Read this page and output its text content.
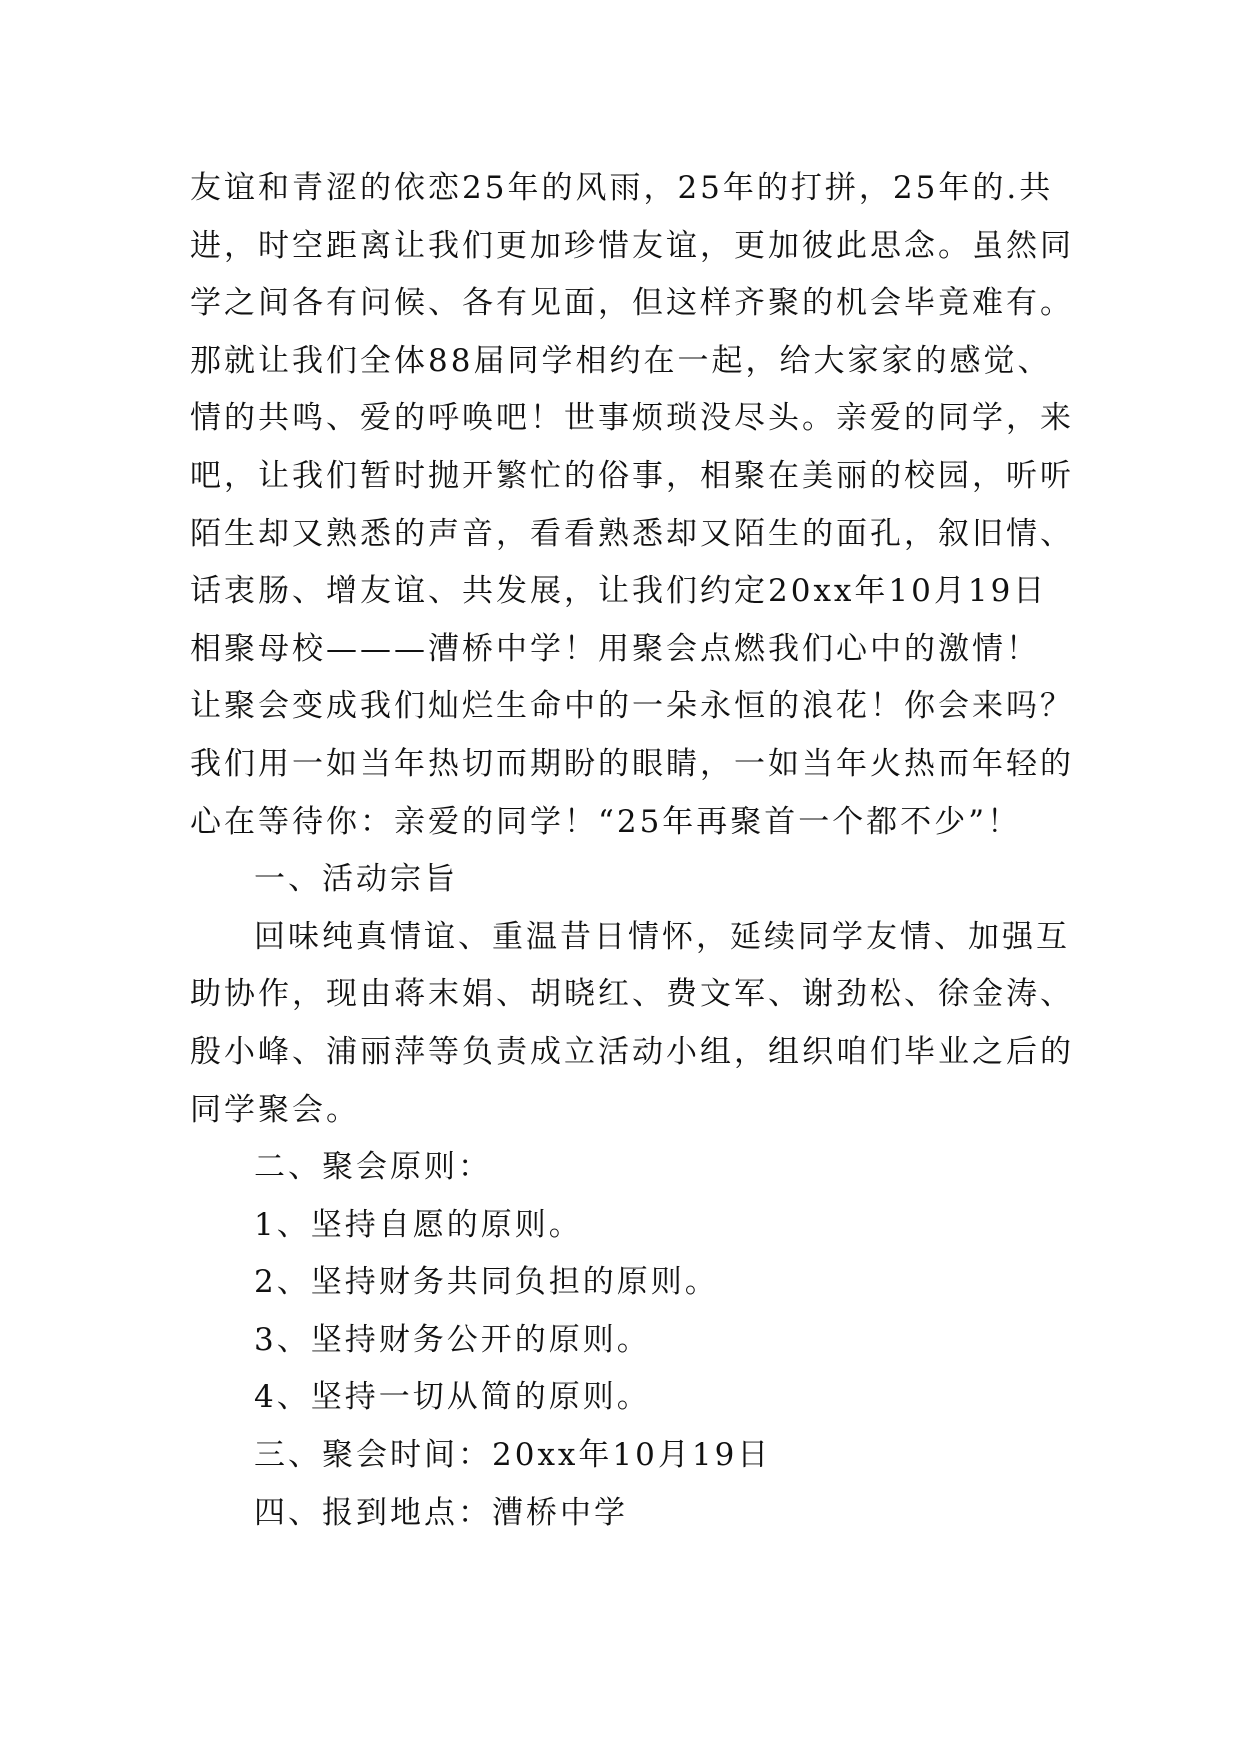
友谊和青涩的依恋25年的风雨，25年的打拼，25年的.共
进，时空距离让我们更加珍惜友谊，更加彼此思念。虽然同
学之间各有问候、各有见面，但这样齐聚的机会毕竟难有。
那就让我们全体88届同学相约在一起，给大家家的感觉、
情的共鸣、爱的呼唤吧！世事烦琐没尽头。亲爱的同学，来
吧，让我们暂时抛开繁忙的俗事，相聚在美丽的校园，听听
陌生却又熟悉的声音，看看熟悉却又陌生的面孔，叙旧情、
话衷肠、增友谊、共发展，让我们约定20xx年10月19日
相聚母校———漕桥中学！用聚会点燃我们心中的激情！
让聚会变成我们灿烂生命中的一朵永恒的浪花！你会来吗？
我们用一如当年热切而期盼的眼睛，一如当年火热而年轻的
心在等待你：亲爱的同学！“25年再聚首一个都不少”！
一、活动宗旨
回味纯真情谊、重温昔日情怀，延续同学友情、加强互
助协作，现由蒋末娟、胡晓红、费文军、谢劲松、徐金涛、
殷小峰、浦丽萍等负责成立活动小组，组织咱们毕业之后的
同学聚会。
二、聚会原则：
1、坚持自愿的原则。
2、坚持财务共同负担的原则。
3、坚持财务公开的原则。
4、坚持一切从简的原则。
三、聚会时间：20xx年10月19日
四、报到地点：漕桥中学
